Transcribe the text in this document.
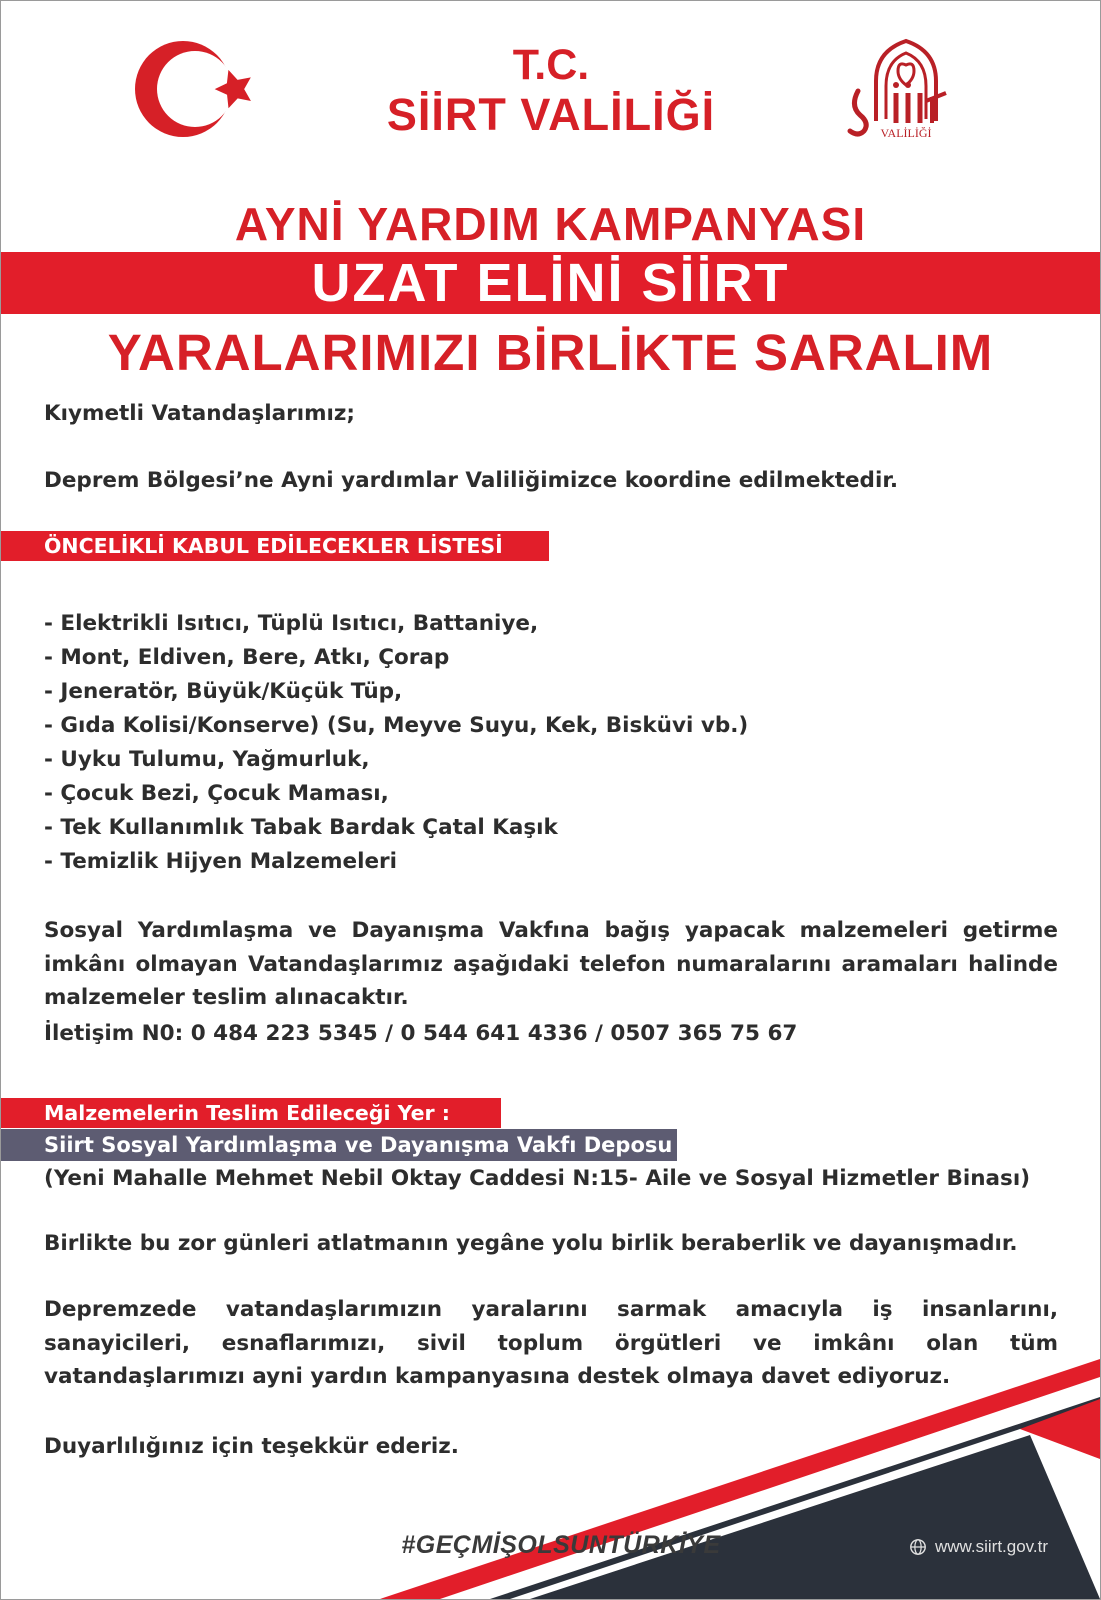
T.C.
SİİRT VALİLİĞİ	VALİLİĞİ
AYNİ YARDIM KAMPANYASI
UZAT ELİNİ SİİRT
YARALARIMIZI BİRLİKTE SARALIM
Kıymetli Vatandaşlarımız;
Deprem Bölgesi’ne Ayni yardımlar Valiliğimizce koordine edilmektedir.
ÖNCELİKLİ KABUL EDİLECEKLER LİSTESİ
- Elektrikli Isıtıcı, Tüplü Isıtıcı, Battaniye,
- Mont, Eldiven, Bere, Atkı, Çorap
- Jeneratör, Büyük/Küçük Tüp,
- Gıda Kolisi/Konserve) (Su, Meyve Suyu, Kek, Bisküvi vb.)
- Uyku Tulumu, Yağmurluk,
- Çocuk Bezi, Çocuk Maması,
- Tek Kullanımlık Tabak Bardak Çatal Kaşık
- Temizlik Hijyen Malzemeleri
Sosyal Yardımlaşma ve Dayanışma Vakfına bağış yapacak malzemeleri getirme imkânı olmayan Vatandaşlarımız aşağıdaki telefon numaralarını aramaları halinde malzemeler teslim alınacaktır.
İletişim N0: 0 484 223 5345 / 0 544 641 4336 / 0507 365 75 67
Malzemelerin Teslim Edileceği Yer :
Siirt Sosyal Yardımlaşma ve Dayanışma Vakfı Deposu
(Yeni Mahalle Mehmet Nebil Oktay Caddesi N:15- Aile ve Sosyal Hizmetler Binası)
Birlikte bu zor günleri atlatmanın yegâne yolu birlik beraberlik ve dayanışmadır.
Depremzede vatandaşlarımızın yaralarını sarmak amacıyla iş insanlarını, sanayicileri, esnaflarımızı, sivil toplum örgütleri ve imkânı olan tüm vatandaşlarımızı ayni yardın kampanyasına destek olmaya davet ediyoruz.
Duyarlılığınız için teşekkür ederiz.
#GEÇMİŞOLSUNTÜRKİYE	www.siirt.gov.tr
